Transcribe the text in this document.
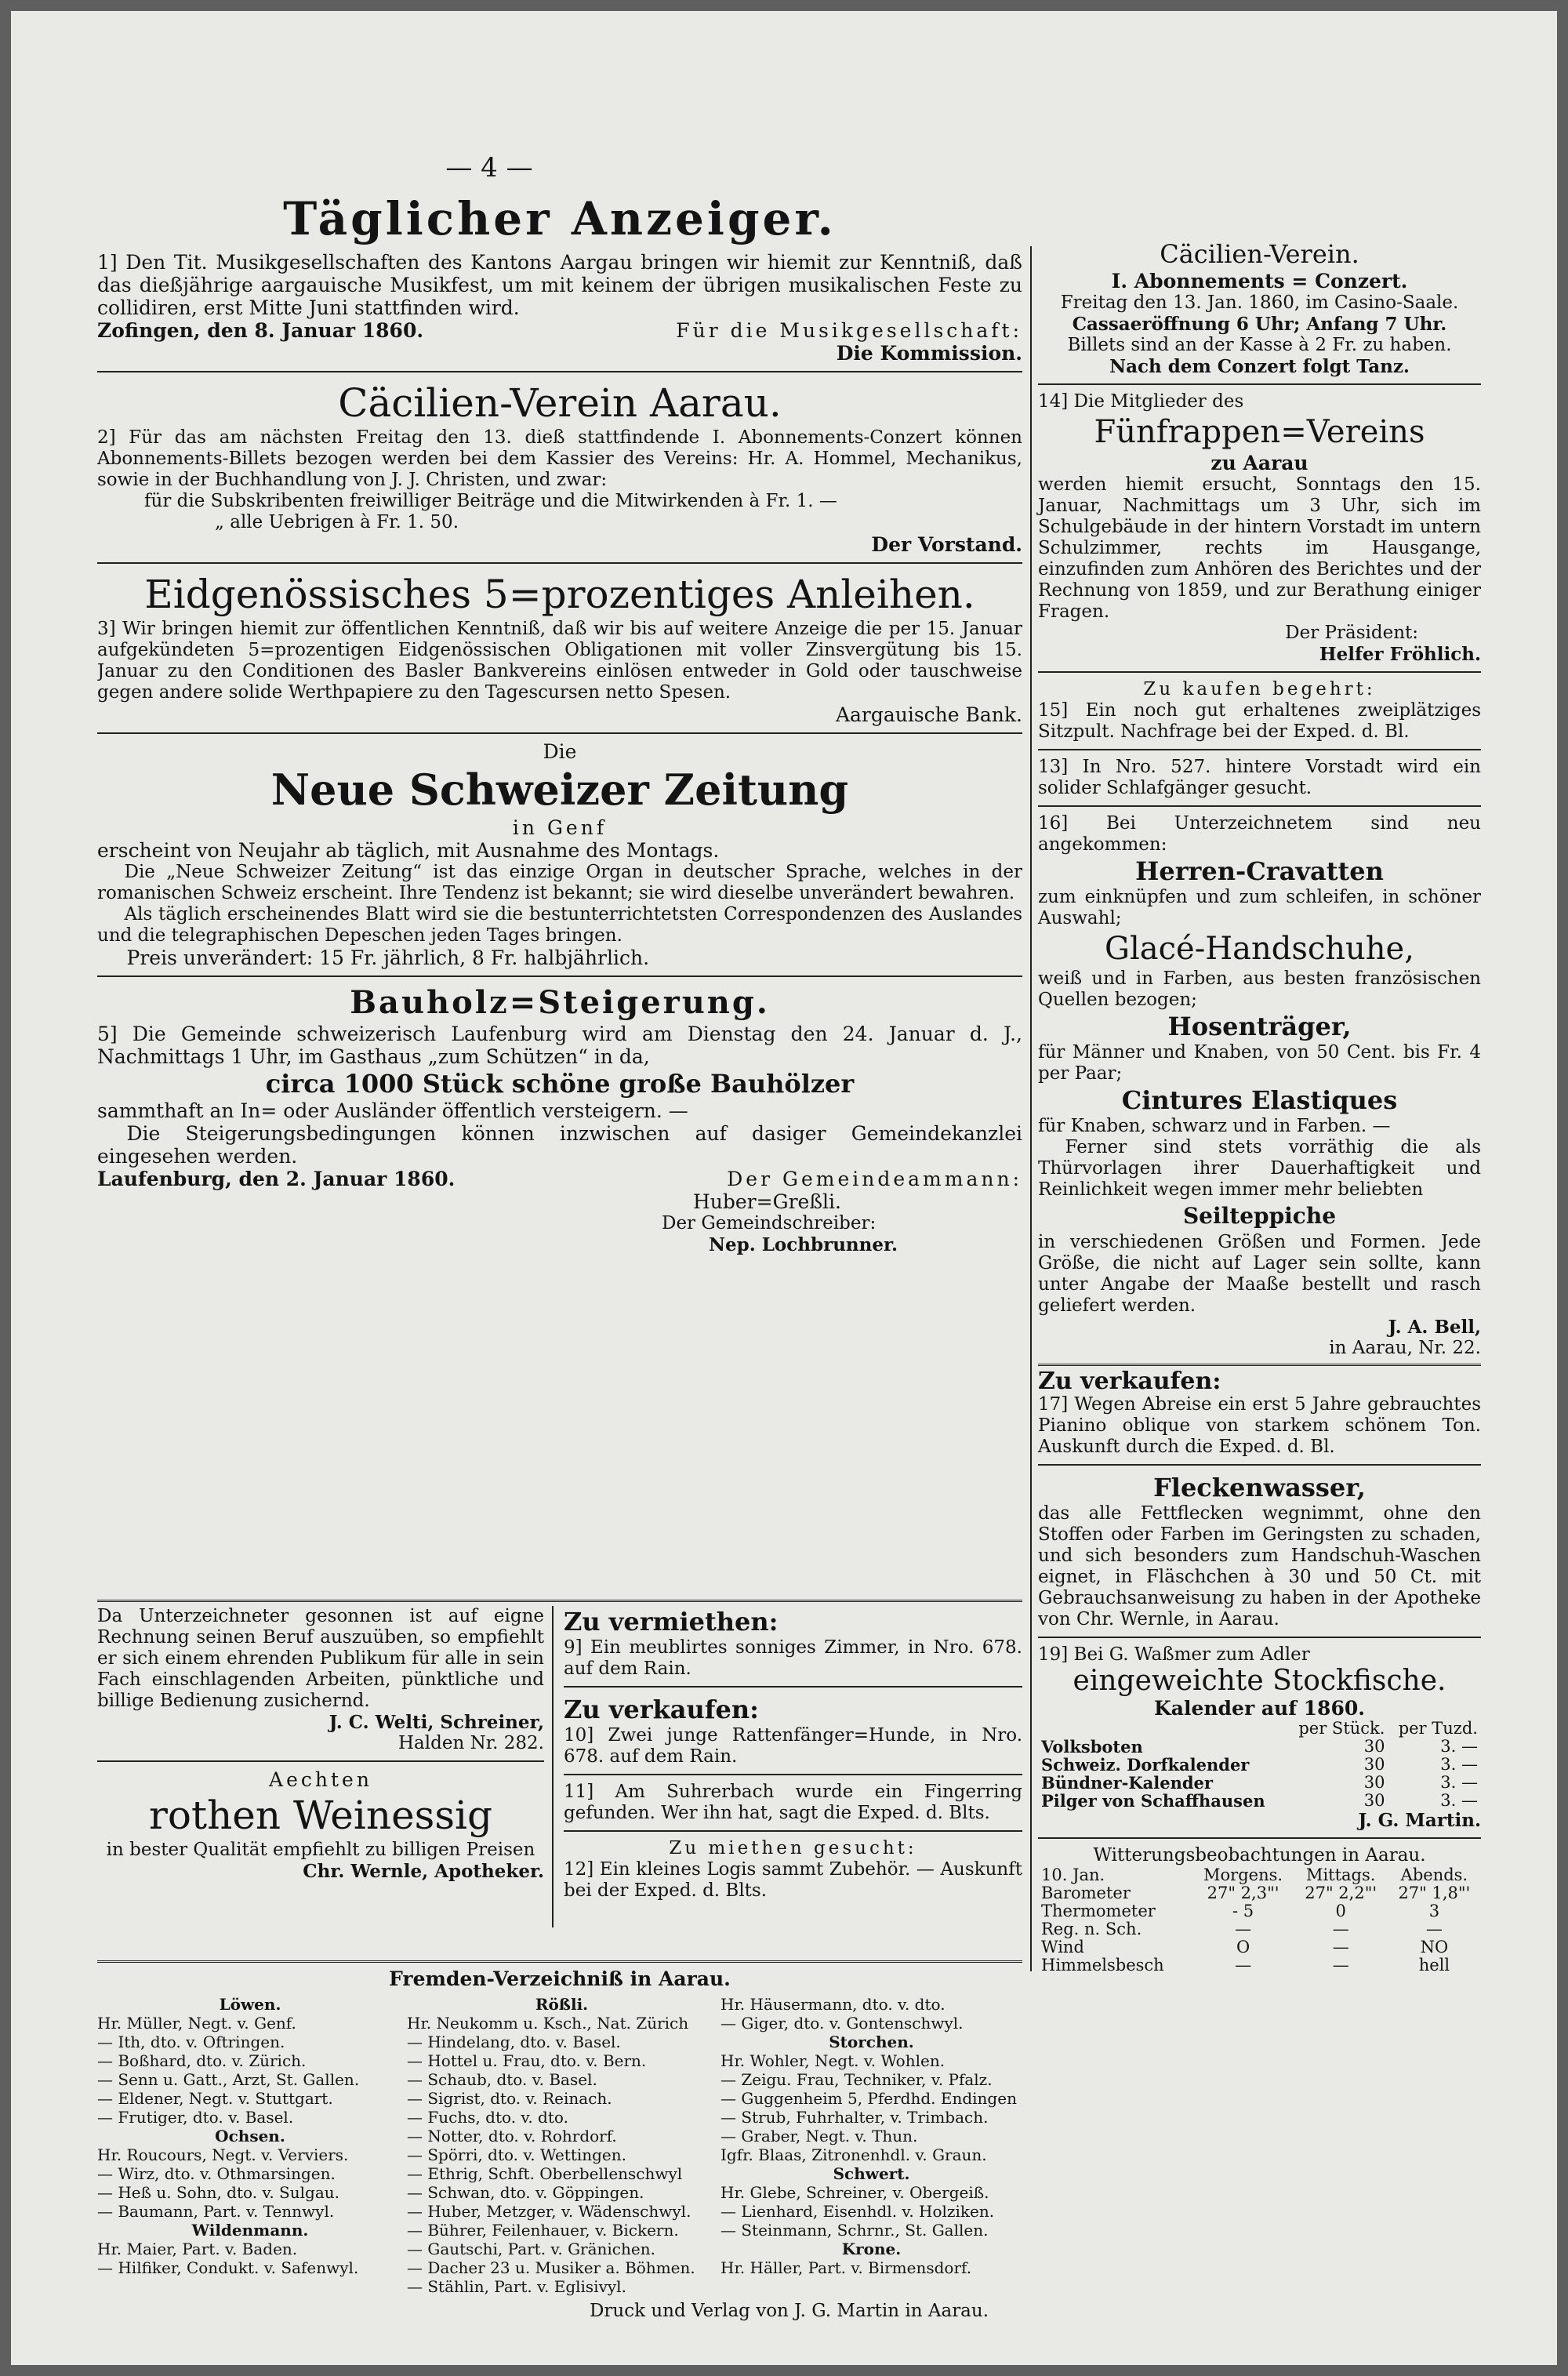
— 4 —
Täglicher Anzeiger.

1] Den Tit. Musikgesellschaften des Kantons Aargau bringen wir hiemit zur Kenntniß, daß das dießjährige aargauische Musikfest, um mit keinem der übrigen musikalischen Feste zu collidiren, erst Mitte Juni stattfinden wird.

Zofingen, den 8. Januar 1860.	Für die Musikgesellschaft:

Die Kommission.

Cäcilien-Verein Aarau.

2] Für das am nächsten Freitag den 13. dieß stattfindende I. Abonnements-Conzert können Abonnements-Billets bezogen werden bei dem Kassier des Vereins: Hr. A. Hommel, Mechanikus, sowie in der Buchhandlung von J. J. Christen, und zwar:

für die Subskribenten freiwilliger Beiträge und die Mitwirkenden à Fr. 1. —

„ alle Uebrigen à Fr. 1. 50.

Der Vorstand.

Eidgenössisches 5=prozentiges Anleihen.

3] Wir bringen hiemit zur öffentlichen Kenntniß, daß wir bis auf weitere Anzeige die per 15. Januar aufgekündeten 5=prozentigen Eidgenössischen Obligationen mit voller Zinsvergütung bis 15. Januar zu den Conditionen des Basler Bankvereins einlösen entweder in Gold oder tauschweise gegen andere solide Werthpapiere zu den Tagescursen netto Spesen.

Aargauische Bank.

Die

Neue Schweizer Zeitung

in Genf

erscheint von Neujahr ab täglich, mit Ausnahme des Montags.

Die „Neue Schweizer Zeitung“ ist das einzige Organ in deutscher Sprache, welches in der romanischen Schweiz erscheint. Ihre Tendenz ist bekannt; sie wird dieselbe unverändert bewahren.

Als täglich erscheinendes Blatt wird sie die bestunterrichtetsten Correspondenzen des Auslandes und die telegraphischen Depeschen jeden Tages bringen.

Preis unverändert: 15 Fr. jährlich, 8 Fr. halbjährlich.

Bauholz=Steigerung.

5] Die Gemeinde schweizerisch Laufenburg wird am Dienstag den 24. Januar d. J., Nachmittags 1 Uhr, im Gasthaus „zum Schützen“ in da,

circa 1000 Stück schöne große Bauhölzer

sammthaft an In= oder Ausländer öffentlich versteigern. —

Die Steigerungsbedingungen können inzwischen auf dasiger Gemeindekanzlei eingesehen werden.

Laufenburg, den 2. Januar 1860.	Der Gemeindeammann:

Huber=Greßli.

Der Gemeindschreiber:

Nep. Lochbrunner.

Da Unterzeichneter gesonnen ist auf eigne Rechnung seinen Beruf auszuüben, so empfiehlt er sich einem ehrenden Publikum für alle in sein Fach einschlagenden Arbeiten, pünktliche und billige Bedienung zusichernd.

J. C. Welti, Schreiner,

Halden Nr. 282.

Aechten

rothen Weinessig

in bester Qualität empfiehlt zu billigen Preisen

Chr. Wernle, Apotheker.

Zu vermiethen:

9] Ein meublirtes sonniges Zimmer, in Nro. 678. auf dem Rain.

Zu verkaufen:

10] Zwei junge Rattenfänger=Hunde, in Nro. 678. auf dem Rain.

11] Am Suhrerbach wurde ein Fingerring gefunden. Wer ihn hat, sagt die Exped. d. Blts.

Zu miethen gesucht:

12] Ein kleines Logis sammt Zubehör. — Auskunft bei der Exped. d. Blts.

Fremden-Verzeichniß in Aarau.

Löwen.

Hr. Müller, Negt. v. Genf.

— Ith, dto. v. Oftringen.

— Boßhard, dto. v. Zürich.

— Senn u. Gatt., Arzt, St. Gallen.

— Eldener, Negt. v. Stuttgart.

— Frutiger, dto. v. Basel.

Ochsen.

Hr. Roucours, Negt. v. Verviers.

— Wirz, dto. v. Othmarsingen.

— Heß u. Sohn, dto. v. Sulgau.

— Baumann, Part. v. Tennwyl.

Wildenmann.

Hr. Maier, Part. v. Baden.

— Hilfiker, Condukt. v. Safenwyl.

Rößli.

Hr. Neukomm u. Ksch., Nat. Zürich

— Hindelang, dto. v. Basel.

— Hottel u. Frau, dto. v. Bern.

— Schaub, dto. v. Basel.

— Sigrist, dto. v. Reinach.

— Fuchs, dto. v. dto.

— Notter, dto. v. Rohrdorf.

— Spörri, dto. v. Wettingen.

— Ethrig, Schft. Oberbellenschwyl

— Schwan, dto. v. Göppingen.

— Huber, Metzger, v. Wädenschwyl.

— Bührer, Feilenhauer, v. Bickern.

— Gautschi, Part. v. Gränichen.

— Dacher 23 u. Musiker a. Böhmen.

— Stählin, Part. v. Eglisivyl.

Hr. Häusermann, dto. v. dto.

— Giger, dto. v. Gontenschwyl.

Storchen.

Hr. Wohler, Negt. v. Wohlen.

— Zeigu. Frau, Techniker, v. Pfalz.

— Guggenheim 5, Pferdhd. Endingen

— Strub, Fuhrhalter, v. Trimbach.

— Graber, Negt. v. Thun.

Igfr. Blaas, Zitronenhdl. v. Graun.

Schwert.

Hr. Glebe, Schreiner, v. Obergeiß.

— Lienhard, Eisenhdl. v. Holziken.

— Steinmann, Schrnr., St. Gallen.

Krone.

Hr. Häller, Part. v. Birmensdorf.

Cäcilien-Verein.

I. Abonnements = Conzert.

Freitag den 13. Jan. 1860, im Casino-Saale.

Cassaeröffnung 6 Uhr; Anfang 7 Uhr.

Billets sind an der Kasse à 2 Fr. zu haben.

Nach dem Conzert folgt Tanz.

14] Die Mitglieder des

Fünfrappen=Vereins

zu Aarau

werden hiemit ersucht, Sonntags den 15. Januar, Nachmittags um 3 Uhr, sich im Schulgebäude in der hintern Vorstadt im untern Schulzimmer, rechts im Hausgange, einzufinden zum Anhören des Berichtes und der Rechnung von 1859, und zur Berathung einiger Fragen.

Der Präsident:

Helfer Fröhlich.

Zu kaufen begehrt:

15] Ein noch gut erhaltenes zweiplätziges Sitzpult. Nachfrage bei der Exped. d. Bl.

13] In Nro. 527. hintere Vorstadt wird ein solider Schlafgänger gesucht.

16] Bei Unterzeichnetem sind neu angekommen:

Herren-Cravatten

zum einknüpfen und zum schleifen, in schöner Auswahl;

Glacé-Handschuhe,

weiß und in Farben, aus besten französischen Quellen bezogen;

Hosenträger,

für Männer und Knaben, von 50 Cent. bis Fr. 4 per Paar;

Cintures Elastiques

für Knaben, schwarz und in Farben. —

Ferner sind stets vorräthig die als Thürvorlagen ihrer Dauerhaftigkeit und Reinlichkeit wegen immer mehr beliebten

Seilteppiche

in verschiedenen Größen und Formen. Jede Größe, die nicht auf Lager sein sollte, kann unter Angabe der Maaße bestellt und rasch geliefert werden.

J. A. Bell,

in Aarau, Nr. 22.

Zu verkaufen:

17] Wegen Abreise ein erst 5 Jahre gebrauchtes Pianino oblique von starkem schönem Ton. Auskunft durch die Exped. d. Bl.

Fleckenwasser,

das alle Fettflecken wegnimmt, ohne den Stoffen oder Farben im Geringsten zu schaden, und sich besonders zum Handschuh-Waschen eignet, in Fläschchen à 30 und 50 Ct. mit Gebrauchsanweisung zu haben in der Apotheke von Chr. Wernle, in Aarau.

19] Bei G. Waßmer zum Adler

eingeweichte Stockfische.

Kalender auf 1860.

	per Stück.	per Tuzd.
Volksboten	30	3. —
Schweiz. Dorfkalender	30	3. —
Bündner-Kalender	30	3. —
Pilger von Schaffhausen	30	3. —

J. G. Martin.

Witterungsbeobachtungen in Aarau.

10. Jan.	Morgens.	Mittags.	Abends.
Barometer	27" 2,3"'	27" 2,2"'	27" 1,8"'
Thermometer	- 5	0	3
Reg. n. Sch.	—	—	—
Wind	O	—	NO
Himmelsbesch	—	—	hell
Druck und Verlag von J. G. Martin in Aarau.
